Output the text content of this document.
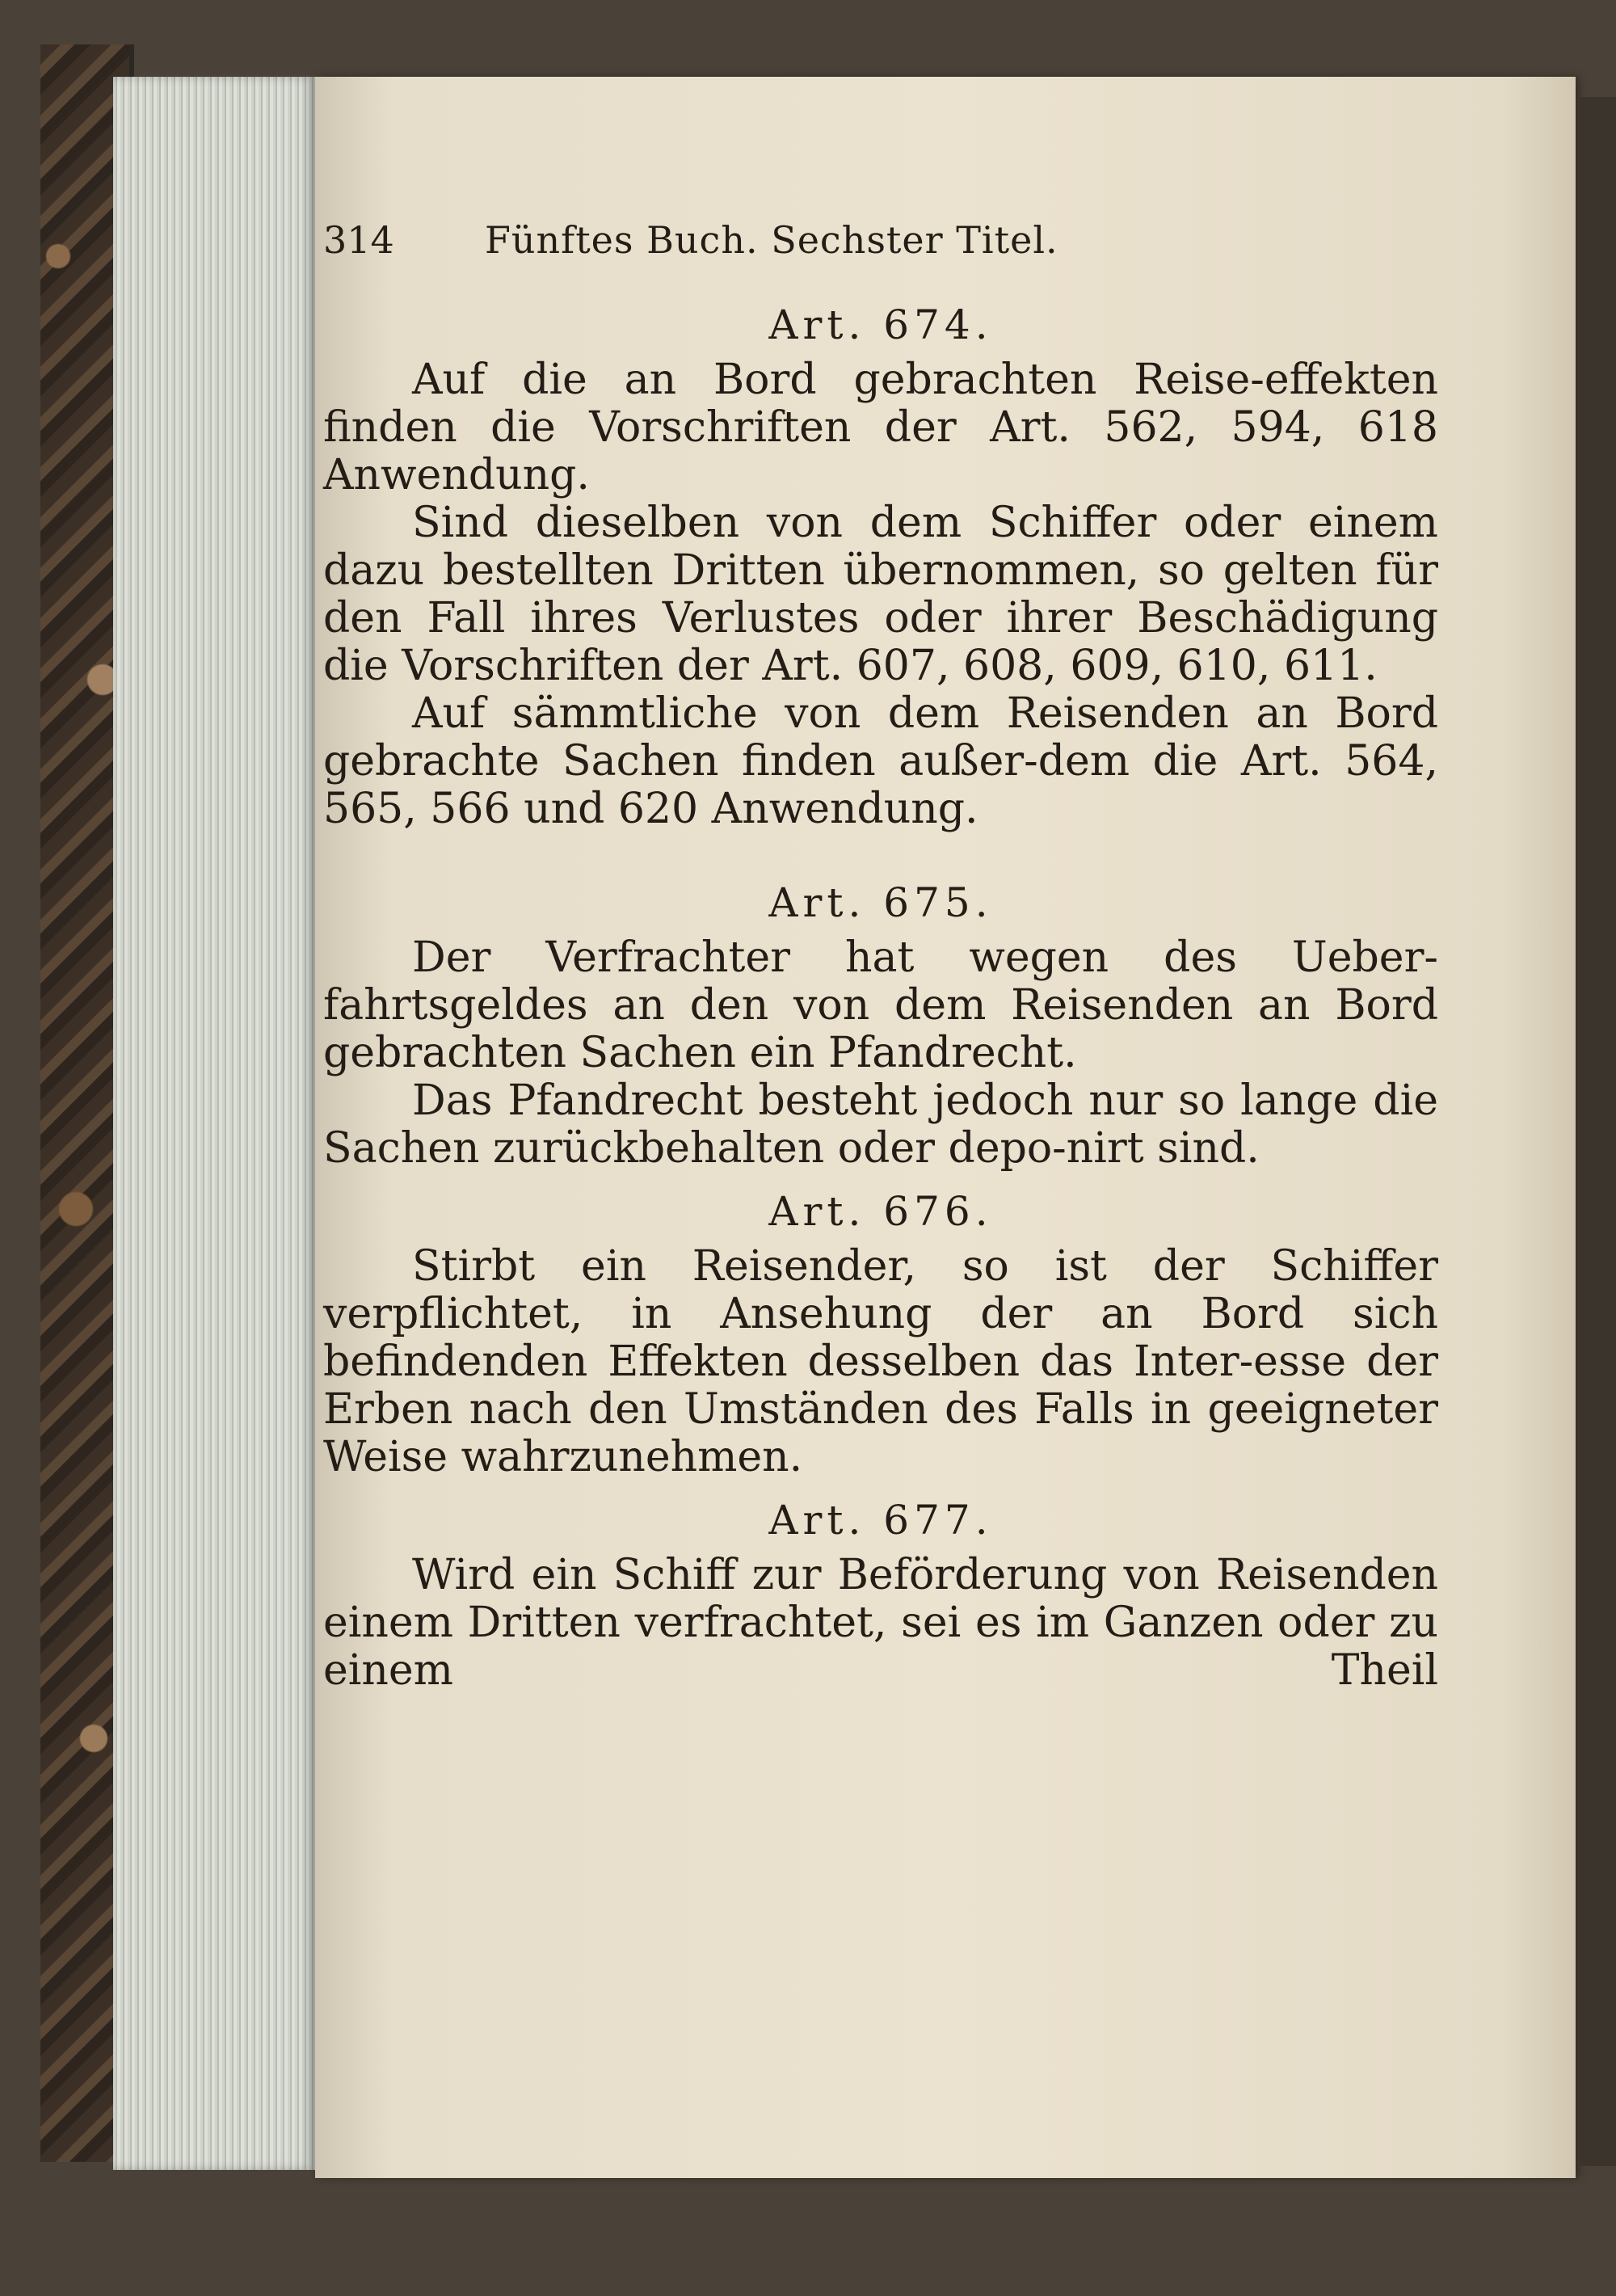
314 Fünftes Buch. Sechster Titel.
Art. 674.

Auf die an Bord gebrachten Reise-effekten finden die Vorschriften der Art. 562, 594, 618 Anwendung.

Sind dieselben von dem Schiffer oder einem dazu bestellten Dritten übernommen, so gelten für den Fall ihres Verlustes oder ihrer Beschädigung die Vorschriften der Art. 607, 608, 609, 610, 611.

Auf sämmtliche von dem Reisenden an Bord gebrachte Sachen finden außer-dem die Art. 564, 565, 566 und 620 Anwendung.

Art. 675.

Der Verfrachter hat wegen des Ueber-fahrtsgeldes an den von dem Reisenden an Bord gebrachten Sachen ein Pfandrecht.

Das Pfandrecht besteht jedoch nur so lange die Sachen zurückbehalten oder depo-nirt sind.

Art. 676.

Stirbt ein Reisender, so ist der Schiffer verpflichtet, in Ansehung der an Bord sich befindenden Effekten desselben das Inter-esse der Erben nach den Umständen des Falls in geeigneter Weise wahrzunehmen.

Art. 677.

Wird ein Schiff zur Beförderung von Reisenden einem Dritten verfrachtet, sei es im Ganzen oder zu einem Theil
